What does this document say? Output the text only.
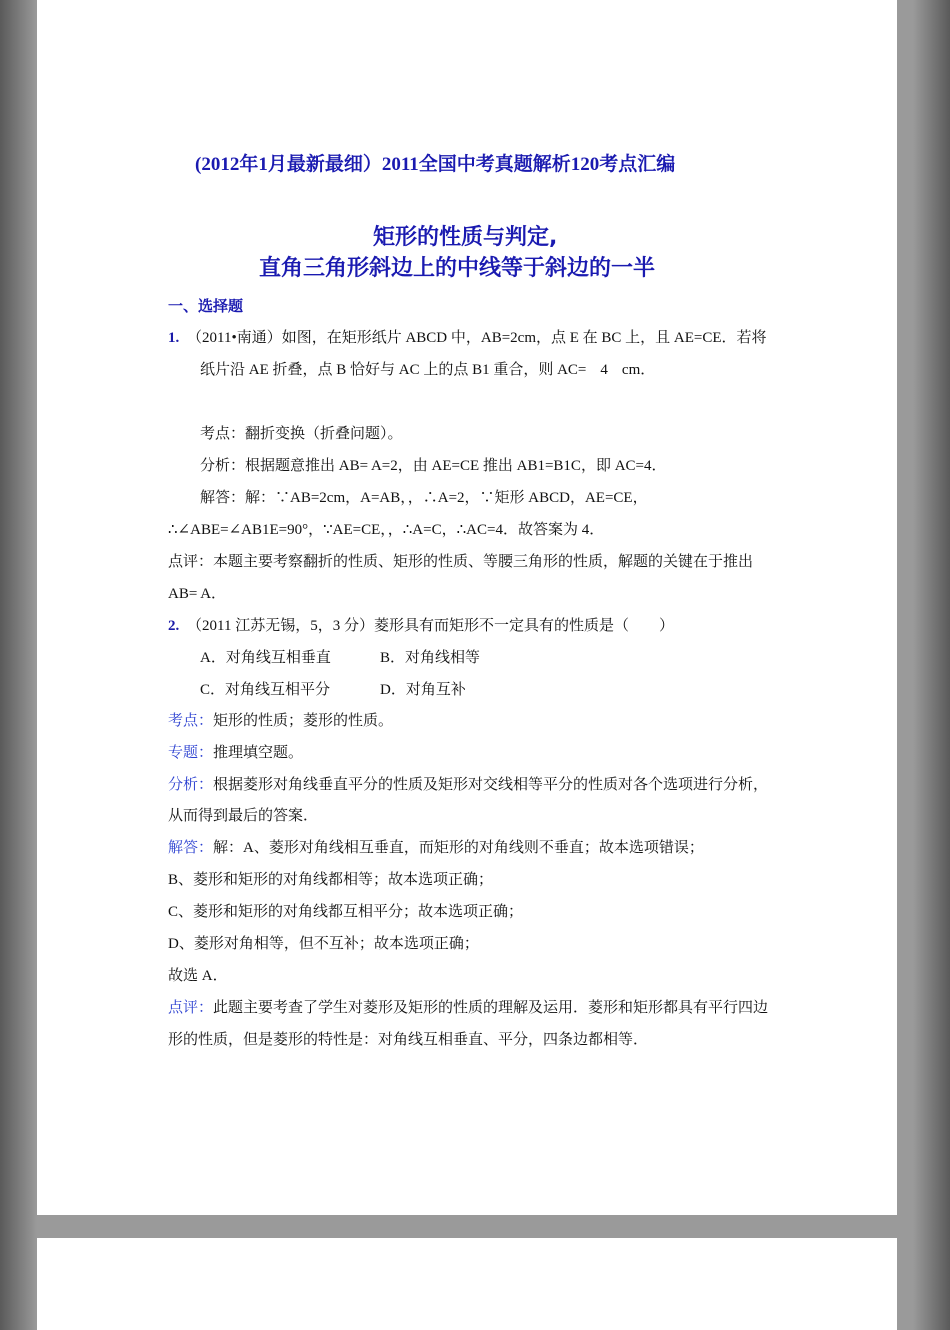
(2012年1月最新最细）2011全国中考真题解析120考点汇编
矩形的性质与判定,
直角三角形斜边上的中线等于斜边的一半
一、选择题
1. （2011•南通）如图，在矩形纸片 ABCD 中，AB=2cm，点 E 在 BC 上，且 AE=CE．若将
纸片沿 AE 折叠，点 B 恰好与 AC 上的点 B1 重合，则 AC= 4 cm．
考点：翻折变换（折叠问题）。
分析：根据题意推出 AB= A=2，由 AE=CE 推出 AB1=B1C，即 AC=4．
解答：解：∵AB=2cm，A=AB，，∴A=2，∵矩形 ABCD，AE=CE，
∴∠ABE=∠AB1E=90°，∵AE=CE，，∴A=C，∴AC=4．故答案为 4．
点评：本题主要考察翻折的性质、矩形的性质、等腰三角形的性质，解题的关键在于推出
AB= A．
2. （2011 江苏无锡，5，3 分）菱形具有而矩形不一定具有的性质是（　　）
A．对角线互相垂直	B．对角线相等
C．对角线互相平分	D．对角互补
考点：矩形的性质；菱形的性质。
专题：推理填空题。
分析：根据菱形对角线垂直平分的性质及矩形对交线相等平分的性质对各个选项进行分析，
从而得到最后的答案．
解答：解：A、菱形对角线相互垂直，而矩形的对角线则不垂直；故本选项错误；
B、菱形和矩形的对角线都相等；故本选项正确；
C、菱形和矩形的对角线都互相平分；故本选项正确；
D、菱形对角相等，但不互补；故本选项正确；
故选 A．
点评：此题主要考查了学生对菱形及矩形的性质的理解及运用．菱形和矩形都具有平行四边
形的性质，但是菱形的特性是：对角线互相垂直、平分，四条边都相等．
